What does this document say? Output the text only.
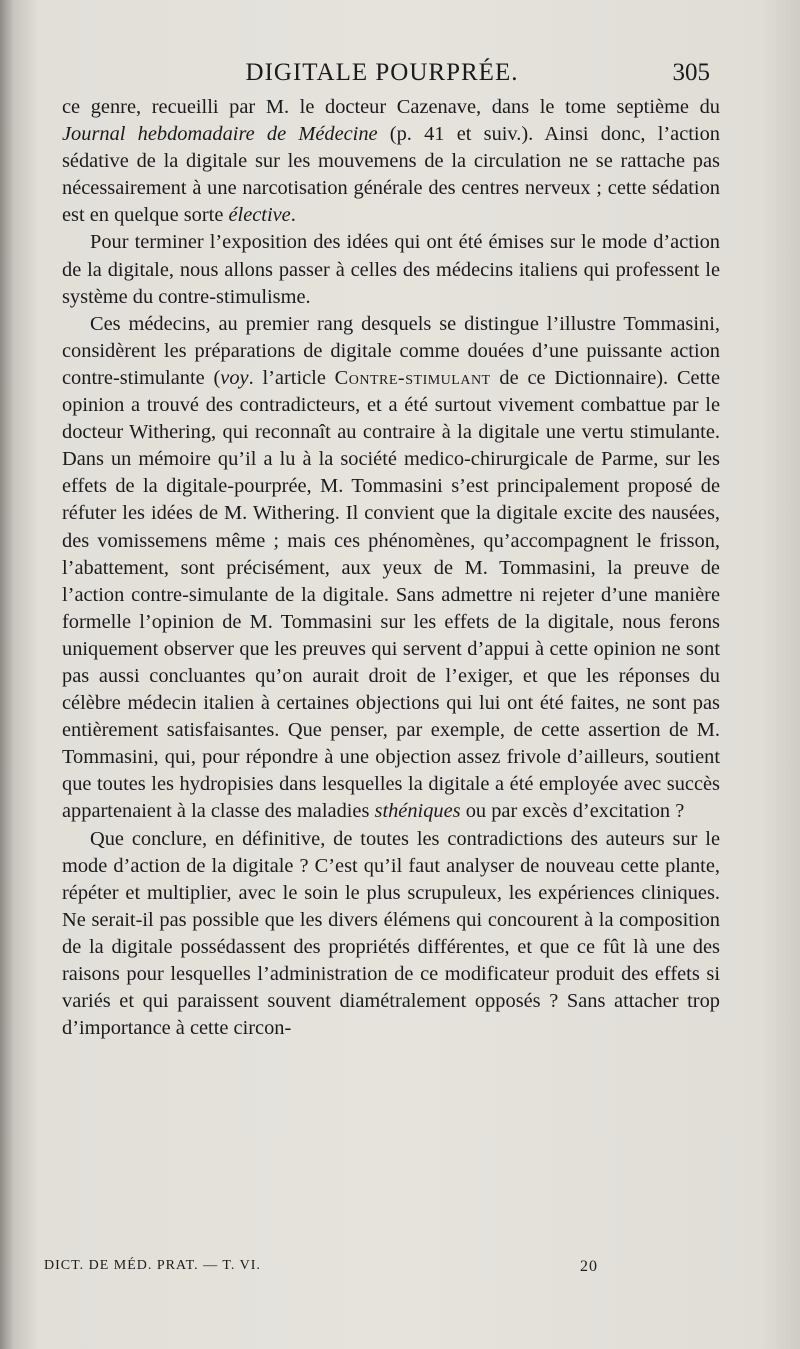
DIGITALE POURPRÉE.	305

ce genre, recueilli par M. le docteur Cazenave, dans le tome septième du Journal hebdomadaire de Médecine (p. 41 et suiv.). Ainsi donc, l’action sédative de la digitale sur les mouvemens de la circulation ne se rattache pas nécessairement à une narcotisation générale des centres nerveux ; cette sédation est en quelque sorte élective.

Pour terminer l’exposition des idées qui ont été émises sur le mode d’action de la digitale, nous allons passer à celles des médecins italiens qui professent le système du contre-stimulisme.

Ces médecins, au premier rang desquels se distingue l’illustre Tommasini, considèrent les préparations de digitale comme douées d’une puissante action contre-stimulante (voy. l’article Contre-stimulant de ce Dictionnaire). Cette opinion a trouvé des contradicteurs, et a été surtout vivement combattue par le docteur Withering, qui reconnaît au contraire à la digitale une vertu stimulante. Dans un mémoire qu’il a lu à la société medico-chirurgicale de Parme, sur les effets de la digitale-pourprée, M. Tommasini s’est principalement proposé de réfuter les idées de M. Withering. Il convient que la digitale excite des nausées, des vomissemens même ; mais ces phénomènes, qu’accompagnent le frisson, l’abattement, sont précisément, aux yeux de M. Tommasini, la preuve de l’action contre-simulante de la digitale. Sans admettre ni rejeter d’une manière formelle l’opinion de M. Tommasini sur les effets de la digitale, nous ferons uniquement observer que les preuves qui servent d’appui à cette opinion ne sont pas aussi concluantes qu’on aurait droit de l’exiger, et que les réponses du célèbre médecin italien à certaines objections qui lui ont été faites, ne sont pas entièrement satisfaisantes. Que penser, par exemple, de cette assertion de M. Tommasini, qui, pour répondre à une objection assez frivole d’ailleurs, soutient que toutes les hydropisies dans lesquelles la digitale a été employée avec succès appartenaient à la classe des maladies sthéniques ou par excès d’excitation ?

Que conclure, en définitive, de toutes les contradictions des auteurs sur le mode d’action de la digitale ? C’est qu’il faut analyser de nouveau cette plante, répéter et multiplier, avec le soin le plus scrupuleux, les expériences cliniques. Ne serait-il pas possible que les divers élémens qui concourent à la composition de la digitale possédassent des propriétés différentes, et que ce fût là une des raisons pour lesquelles l’administration de ce modificateur produit des effets si variés et qui paraissent souvent diamétralement opposés ? Sans attacher trop d’importance à cette circon-

DICT. DE MÉD. PRAT. — T. VI.	20
